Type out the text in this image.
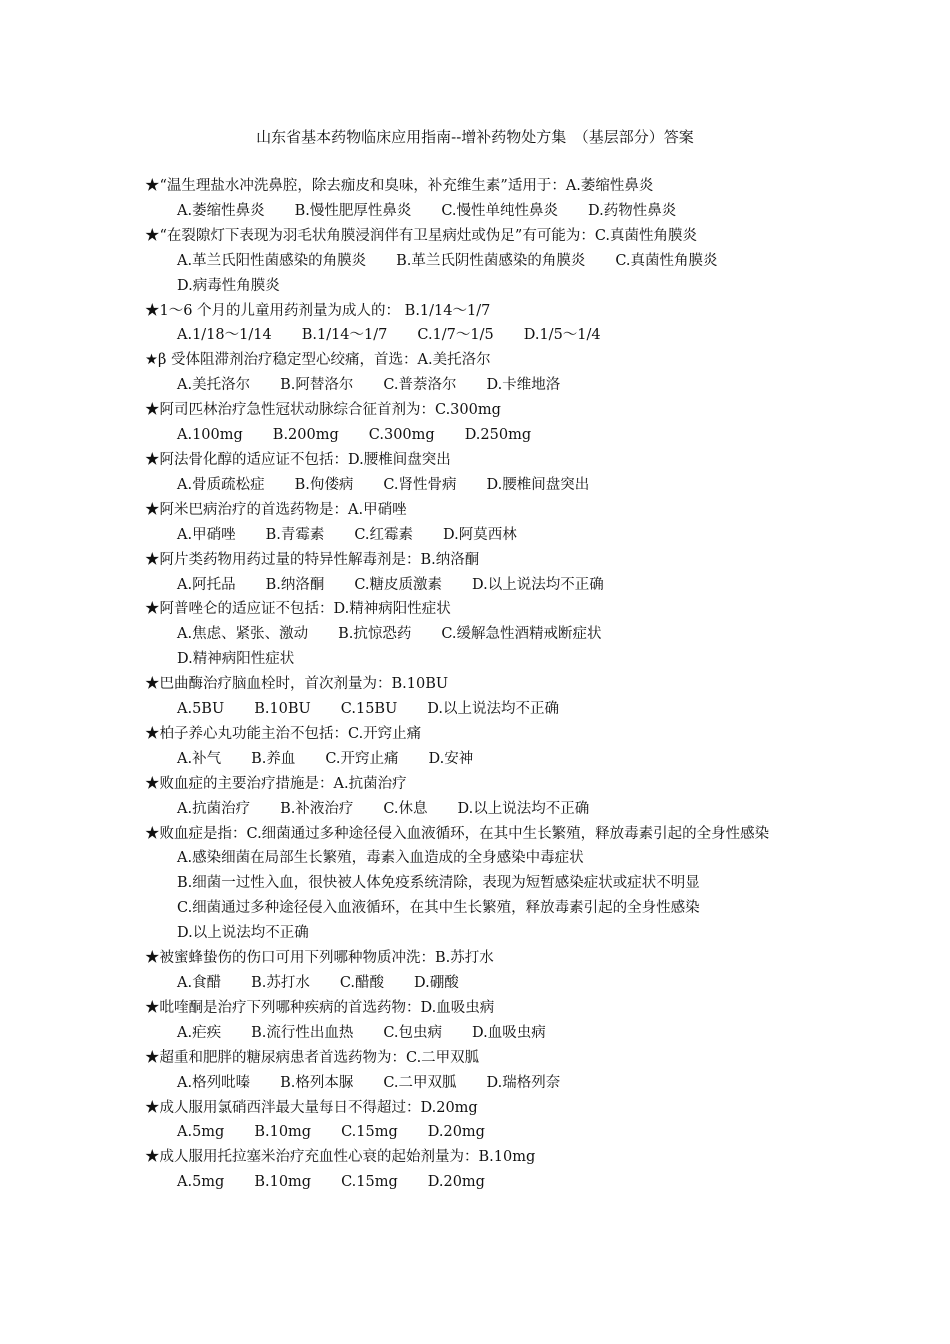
山东省基本药物临床应用指南--增补药物处方集　（基层部分）答案

★“温生理盐水冲洗鼻腔，除去痂皮和臭味，补充维生素”适用于：A.萎缩性鼻炎

A.萎缩性鼻炎 B.慢性肥厚性鼻炎 C.慢性单纯性鼻炎 D.药物性鼻炎

★“在裂隙灯下表现为羽毛状角膜浸润伴有卫星病灶或伪足”有可能为：C.真菌性角膜炎

A.革兰氏阳性菌感染的角膜炎 B.革兰氏阴性菌感染的角膜炎 C.真菌性角膜炎

D.病毒性角膜炎

★1～6 个月的儿童用药剂量为成人的： B.1/14～1/7

A.1/18～1/14 B.1/14～1/7 C.1/7～1/5 D.1/5～1/4

★β 受体阻滞剂治疗稳定型心绞痛，首选：A.美托洛尔

A.美托洛尔 B.阿替洛尔 C.普萘洛尔 D.卡维地洛

★阿司匹林治疗急性冠状动脉综合征首剂为：C.300mg

A.100mg B.200mg C.300mg D.250mg

★阿法骨化醇的适应证不包括：D.腰椎间盘突出

A.骨质疏松症 B.佝偻病 C.肾性骨病 D.腰椎间盘突出

★阿米巴病治疗的首选药物是：A.甲硝唑

A.甲硝唑 B.青霉素 C.红霉素 D.阿莫西林

★阿片类药物用药过量的特异性解毒剂是：B.纳洛酮

A.阿托品 B.纳洛酮 C.糖皮质激素 D.以上说法均不正确

★阿普唑仑的适应证不包括：D.精神病阳性症状

A.焦虑、紧张、激动 B.抗惊恐药 C.缓解急性酒精戒断症状

D.精神病阳性症状

★巴曲酶治疗脑血栓时，首次剂量为：B.10BU

A.5BU B.10BU C.15BU D.以上说法均不正确

★柏子养心丸功能主治不包括：C.开窍止痛

A.补气 B.养血 C.开窍止痛 D.安神

★败血症的主要治疗措施是：A.抗菌治疗

A.抗菌治疗 B.补液治疗 C.休息 D.以上说法均不正确

★败血症是指：C.细菌通过多种途径侵入血液循环，在其中生长繁殖，释放毒素引起的全身性感染

A.感染细菌在局部生长繁殖，毒素入血造成的全身感染中毒症状

B.细菌一过性入血，很快被人体免疫系统清除，表现为短暂感染症状或症状不明显

C.细菌通过多种途径侵入血液循环，在其中生长繁殖，释放毒素引起的全身性感染

D.以上说法均不正确

★被蜜蜂蛰伤的伤口可用下列哪种物质冲洗：B.苏打水

A.食醋 B.苏打水 C.醋酸 D.硼酸

★吡喹酮是治疗下列哪种疾病的首选药物：D.血吸虫病

A.疟疾 B.流行性出血热 C.包虫病 D.血吸虫病

★超重和肥胖的糖尿病患者首选药物为：C.二甲双胍

A.格列吡嗪 B.格列本脲 C.二甲双胍 D.瑞格列奈

★成人服用氯硝西泮最大量每日不得超过：D.20mg

A.5mg B.10mg C.15mg D.20mg

★成人服用托拉塞米治疗充血性心衰的起始剂量为：B.10mg

A.5mg B.10mg C.15mg D.20mg
